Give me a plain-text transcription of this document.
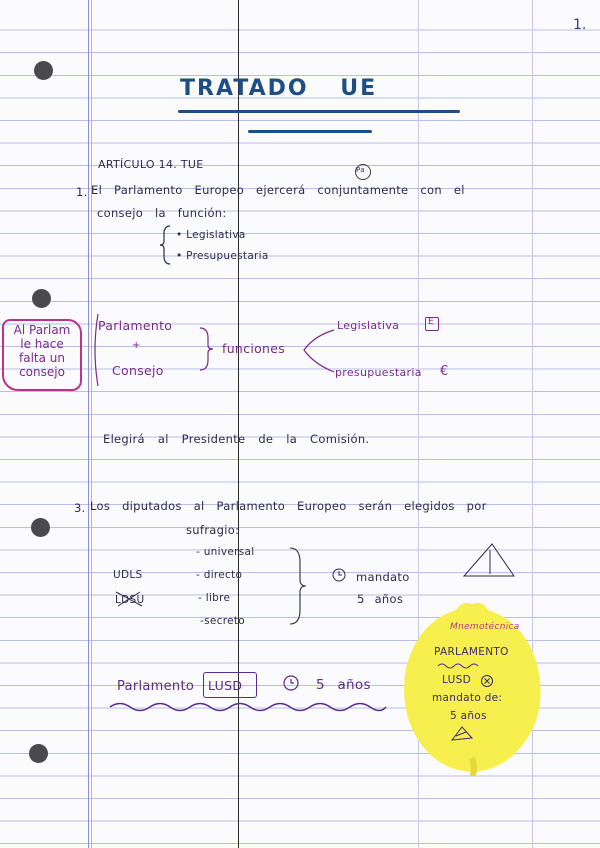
1.
TRATADO UE
ARTÍCULO 14. TUE	Pa
1. El Parlamento Europeo ejercerá conjuntamente con el
consejo la función:
• Legislativa
• Presupuestaria
Al Parlam
le hace
falta un
consejo
Parlamento
+
Consejo
funciones
Legislativa	E
presupuestaria €
Elegirá al Presidente de la Comisión.
3. Los diputados al Parlamento Europeo serán elegidos por
sufragio:
- universal
- directo
- libre
-secreto
UDLS
LDSU
mandato
5 años
Parlamento LUSD	5 años
Mnemotécnica
PARLAMENTO
LUSD
mandato de:
5 años
